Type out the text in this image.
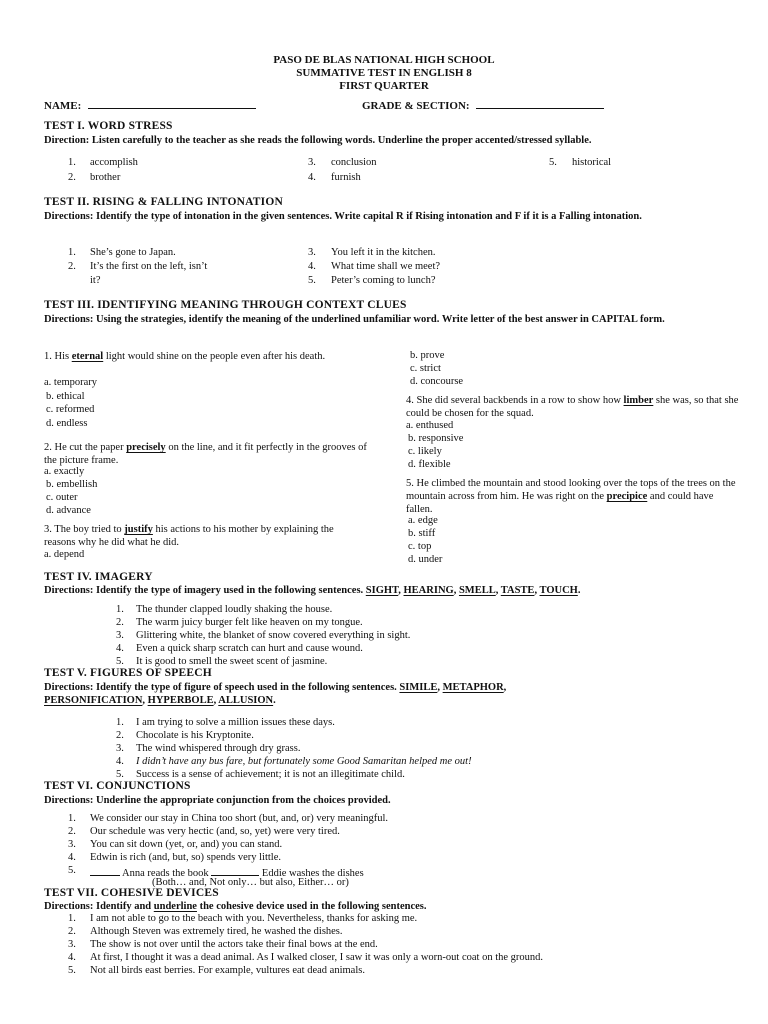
PASO DE BLAS NATIONAL HIGH SCHOOL
SUMMATIVE TEST IN ENGLISH 8
FIRST QUARTER
NAME:	GRADE & SECTION:
TEST I. WORD STRESS
Direction: Listen carefully to the teacher as she reads the following words. Underline the proper accented/stressed syllable.
1. accomplish
2. brother
3. conclusion
4. furnish
5. historical
TEST II. RISING & FALLING INTONATION
Directions: Identify the type of intonation in the given sentences. Write capital R if Rising intonation and F if it is a Falling intonation.
1. She’s gone to Japan.
2. It’s the first on the left, isn’t
it?
3. You left it in the kitchen.
4. What time shall we meet?
5. Peter’s coming to lunch?
TEST III. IDENTIFYING MEANING THROUGH CONTEXT CLUES
Directions: Using the strategies, identify the meaning of the underlined unfamiliar word. Write letter of the best answer in CAPITAL form.
1. His eternal light would shine on the people even after his death.
a. temporary
b. ethical
c. reformed
d. endless
2. He cut the paper precisely on the line, and it fit perfectly in the grooves of the picture frame.
a. exactly
b. embellish
c. outer
d. advance
3. The boy tried to justify his actions to his mother by explaining the reasons why he did what he did.
a. depend
b. prove
c. strict
d. concourse
4. She did several backbends in a row to show how limber she was, so that she could be chosen for the squad.
a. enthused
b. responsive
c. likely
d. flexible
5. He climbed the mountain and stood looking over the tops of the trees on the mountain across from him. He was right on the precipice and could have fallen.
a. edge
b. stiff
c. top
d. under
TEST IV. IMAGERY
Directions: Identify the type of imagery used in the following sentences. SIGHT, HEARING, SMELL, TASTE, TOUCH.
1. The thunder clapped loudly shaking the house.
2. The warm juicy burger felt like heaven on my tongue.
3. Glittering white, the blanket of snow covered everything in sight.
4. Even a quick sharp scratch can hurt and cause wound.
5. It is good to smell the sweet scent of jasmine.
TEST V. FIGURES OF SPEECH
Directions: Identify the type of figure of speech used in the following sentences. SIMILE, METAPHOR,
PERSONIFICATION, HYPERBOLE, ALLUSION.
1. I am trying to solve a million issues these days.
2. Chocolate is his Kryptonite.
3. The wind whispered through dry grass.
4. I didn’t have any bus fare, but fortunately some Good Samaritan helped me out!
5. Success is a sense of achievement; it is not an illegitimate child.
TEST VI. CONJUNCTIONS
Directions: Underline the appropriate conjunction from the choices provided.
1. We consider our stay in China too short (but, and, or) very meaningful.
2. Our schedule was very hectic (and, so, yet) were very tired.
3. You can sit down (yet, or, and) you can stand.
4. Edwin is rich (and, but, so) spends very little.
5.	Anna reads the book	Eddie washes the dishes
(Both… and, Not only… but also, Either… or)
TEST VII. COHESIVE DEVICES
Directions: Identify and underline the cohesive device used in the following sentences.
1. I am not able to go to the beach with you. Nevertheless, thanks for asking me.
2. Although Steven was extremely tired, he washed the dishes.
3. The show is not over until the actors take their final bows at the end.
4. At first, I thought it was a dead animal. As I walked closer, I saw it was only a worn-out coat on the ground.
5. Not all birds east berries. For example, vultures eat dead animals.
